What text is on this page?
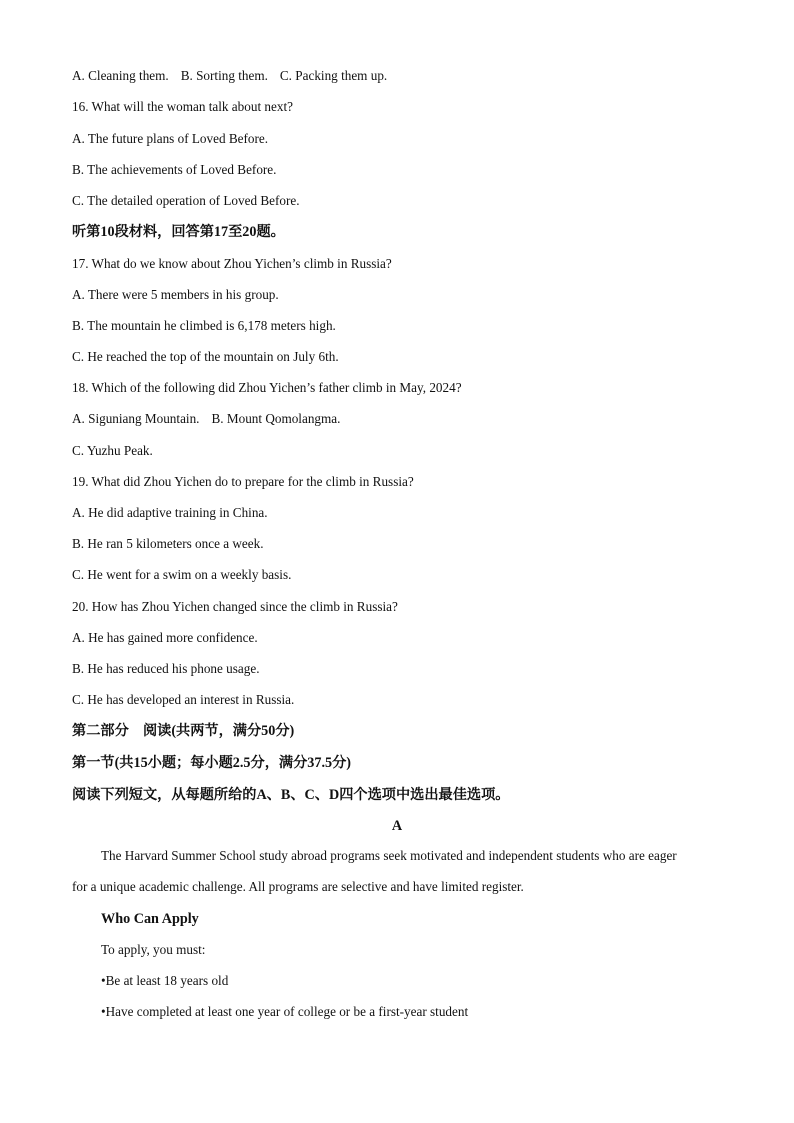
A. Cleaning them. B. Sorting them. C. Packing them up.
16. What will the woman talk about next?
A. The future plans of Loved Before.
B. The achievements of Loved Before.
C. The detailed operation of Loved Before.
听第10段材料，回答第17至20题。
17. What do we know about Zhou Yichen’s climb in Russia?
A. There were 5 members in his group.
B. The mountain he climbed is 6,178 meters high.
C. He reached the top of the mountain on July 6th.
18. Which of the following did Zhou Yichen’s father climb in May, 2024?
A. Siguniang Mountain. B. Mount Qomolangma.
C. Yuzhu Peak.
19. What did Zhou Yichen do to prepare for the climb in Russia?
A. He did adaptive training in China.
B. He ran 5 kilometers once a week.
C. He went for a swim on a weekly basis.
20. How has Zhou Yichen changed since the climb in Russia?
A. He has gained more confidence.
B. He has reduced his phone usage.
C. He has developed an interest in Russia.
第二部分　阅读(共两节，满分50分)
第一节(共15小题；每小题2.5分，满分37.5分)
阅读下列短文，从每题所给的A、B、C、D四个选项中选出最佳选项。
A
The Harvard Summer School study abroad programs seek motivated and independent students who are eager
for a unique academic challenge. All programs are selective and have limited register.
Who Can Apply
To apply, you must:
•Be at least 18 years old
•Have completed at least one year of college or be a first-year student
